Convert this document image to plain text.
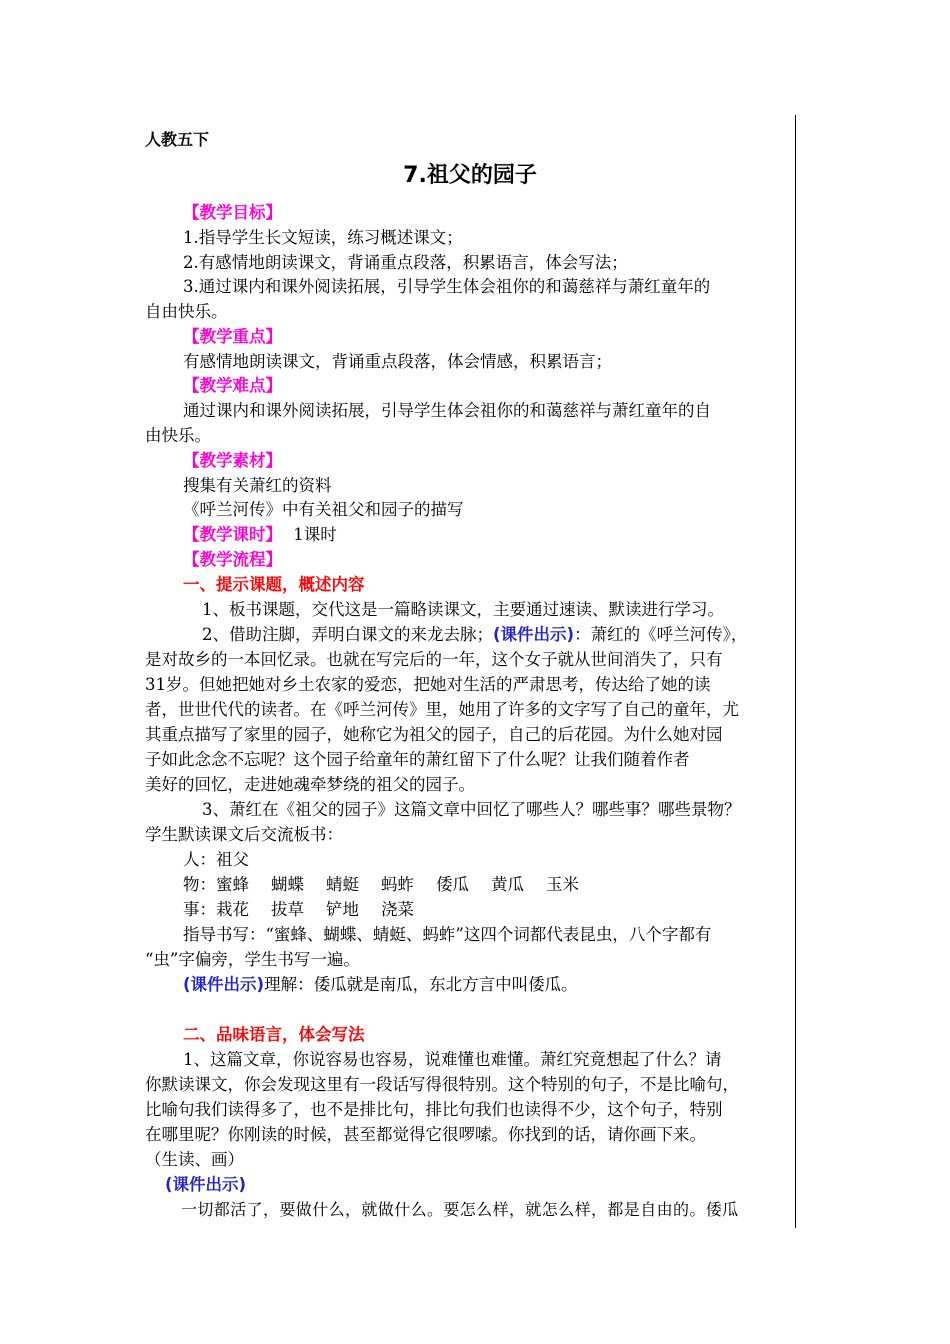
人教五下
7.祖父的园子
【教学目标】
1.指导学生长文短读，练习概述课文；
2.有感情地朗读课文，背诵重点段落，积累语言，体会写法；
3.通过课内和课外阅读拓展，引导学生体会祖你的和蔼慈祥与萧红童年的
自由快乐。
【教学重点】
有感情地朗读课文，背诵重点段落，体会情感，积累语言；
【教学难点】
通过课内和课外阅读拓展，引导学生体会祖你的和蔼慈祥与萧红童年的自
由快乐。
【教学素材】
搜集有关萧红的资料
《呼兰河传》中有关祖父和园子的描写
【教学课时】 1课时
【教学流程】
一、提示课题，概述内容
1、板书课题，交代这是一篇略读课文，主要通过速读、默读进行学习。
2、借助注脚，弄明白课文的来龙去脉；(课件出示)：萧红的《呼兰河传》，
是对故乡的一本回忆录。也就在写完后的一年，这个女子就从世间消失了，只有
31岁。但她把她对乡土农家的爱恋，把她对生活的严肃思考，传达给了她的读
者，世世代代的读者。在《呼兰河传》里，她用了许多的文字写了自己的童年，尤
其重点描写了家里的园子，她称它为祖父的园子，自己的后花园。为什么她对园
子如此念念不忘呢？这个园子给童年的萧红留下了什么呢？让我们随着作者
美好的回忆，走进她魂牵梦绕的祖父的园子。
3、萧红在《祖父的园子》这篇文章中回忆了哪些人？哪些事？哪些景物？
学生默读课文后交流板书：
人：祖父
物：蜜蜂 蝴蝶 蜻蜓 蚂蚱 倭瓜 黄瓜 玉米
事：栽花 拔草 铲地 浇菜
指导书写：“蜜蜂、蝴蝶、蜻蜓、蚂蚱”这四个词都代表昆虫，八个字都有
“虫”字偏旁，学生书写一遍。
(课件出示)理解：倭瓜就是南瓜，东北方言中叫倭瓜。
二、品味语言，体会写法
1、这篇文章，你说容易也容易，说难懂也难懂。萧红究竟想起了什么？请
你默读课文，你会发现这里有一段话写得很特别。这个特别的句子，不是比喻句，
比喻句我们读得多了，也不是排比句，排比句我们也读得不少，这个句子，特别
在哪里呢？你刚读的时候，甚至都觉得它很啰嗦。你找到的话，请你画下来。
（生读、画）
(课件出示)
一切都活了，要做什么，就做什么。要怎么样，就怎么样，都是自由的。倭瓜
